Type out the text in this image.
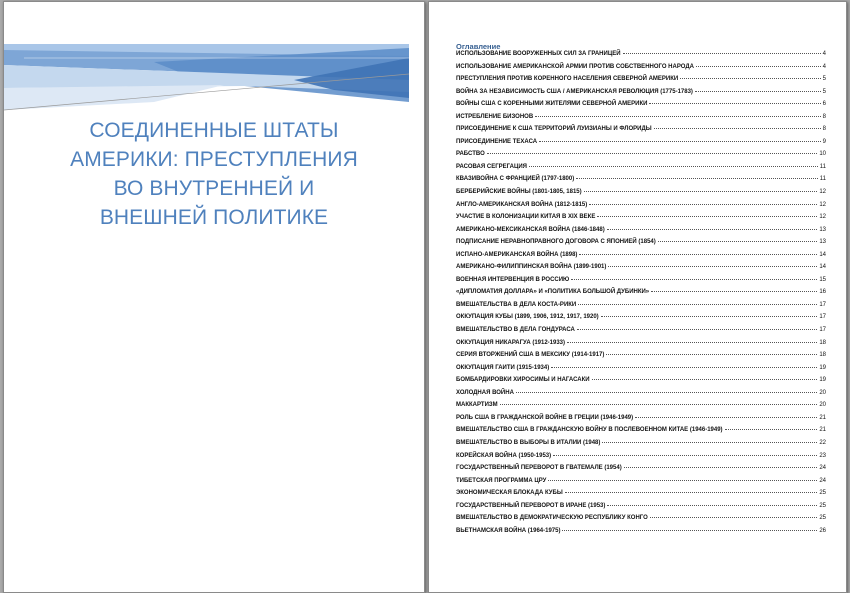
СОЕДИНЕННЫЕ ШТАТЫ
АМЕРИКИ: ПРЕСТУПЛЕНИЯ
ВО ВНУТРЕННЕЙ И
ВНЕШНЕЙ ПОЛИТИКЕ
Оглавление
ИСПОЛЬЗОВАНИЕ ВООРУЖЕННЫХ СИЛ ЗА ГРАНИЦЕЙ	4
ИСПОЛЬЗОВАНИЕ АМЕРИКАНСКОЙ АРМИИ ПРОТИВ СОБСТВЕННОГО НАРОДА	4
ПРЕСТУПЛЕНИЯ ПРОТИВ КОРЕННОГО НАСЕЛЕНИЯ СЕВЕРНОЙ АМЕРИКИ	5
ВОЙНА ЗА НЕЗАВИСИМОСТЬ США / АМЕРИКАНСКАЯ РЕВОЛЮЦИЯ (1775-1783)	5
ВОЙНЫ США С КОРЕННЫМИ ЖИТЕЛЯМИ СЕВЕРНОЙ АМЕРИКИ	6
ИСТРЕБЛЕНИЕ БИЗОНОВ	8
ПРИСОЕДИНЕНИЕ К США ТЕРРИТОРИЙ ЛУИЗИАНЫ И ФЛОРИДЫ	8
ПРИСОЕДИНЕНИЕ ТЕХАСА	9
РАБСТВО	10
РАСОВАЯ СЕГРЕГАЦИЯ	11
КВАЗИВОЙНА С ФРАНЦИЕЙ (1797-1800)	11
БЕРБЕРИЙСКИЕ ВОЙНЫ (1801-1805, 1815)	12
АНГЛО-АМЕРИКАНСКАЯ ВОЙНА (1812-1815)	12
УЧАСТИЕ В КОЛОНИЗАЦИИ КИТАЯ В XIX ВЕКЕ	12
АМЕРИКАНО-МЕКСИКАНСКАЯ ВОЙНА (1846-1848)	13
ПОДПИСАНИЕ НЕРАВНОПРАВНОГО ДОГОВОРА С ЯПОНИЕЙ (1854)	13
ИСПАНО-АМЕРИКАНСКАЯ ВОЙНА (1898)	14
АМЕРИКАНО-ФИЛИППИНСКАЯ ВОЙНА (1899-1901)	14
ВОЕННАЯ ИНТЕРВЕНЦИЯ В РОССИЮ	15
«ДИПЛОМАТИЯ ДОЛЛАРА» И «ПОЛИТИКА БОЛЬШОЙ ДУБИНКИ»	16
ВМЕШАТЕЛЬСТВА В ДЕЛА КОСТА-РИКИ	17
ОККУПАЦИЯ КУБЫ (1899, 1906, 1912, 1917, 1920)	17
ВМЕШАТЕЛЬСТВО В ДЕЛА ГОНДУРАСА	17
ОККУПАЦИЯ НИКАРАГУА (1912-1933)	18
СЕРИЯ ВТОРЖЕНИЙ США В МЕКСИКУ (1914-1917)	18
ОККУПАЦИЯ ГАИТИ (1915-1934)	19
БОМБАРДИРОВКИ ХИРОСИМЫ И НАГАСАКИ	19
ХОЛОДНАЯ ВОЙНА	20
МАККАРТИЗМ	20
РОЛЬ США В ГРАЖДАНСКОЙ ВОЙНЕ В ГРЕЦИИ (1946-1949)	21
ВМЕШАТЕЛЬСТВО США В ГРАЖДАНСКУЮ ВОЙНУ В ПОСЛЕВОЕННОМ КИТАЕ (1946-1949)	21
ВМЕШАТЕЛЬСТВО В ВЫБОРЫ В ИТАЛИИ (1948)	22
КОРЕЙСКАЯ ВОЙНА (1950-1953)	23
ГОСУДАРСТВЕННЫЙ ПЕРЕВОРОТ В ГВАТЕМАЛЕ (1954)	24
ТИБЕТСКАЯ ПРОГРАММА ЦРУ	24
ЭКОНОМИЧЕСКАЯ БЛОКАДА КУБЫ	25
ГОСУДАРСТВЕННЫЙ ПЕРЕВОРОТ В ИРАНЕ (1953)	25
ВМЕШАТЕЛЬСТВО В ДЕМОКРАТИЧЕСКУЮ РЕСПУБЛИКУ КОНГО	25
ВЬЕТНАМСКАЯ ВОЙНА (1964-1975)	26
